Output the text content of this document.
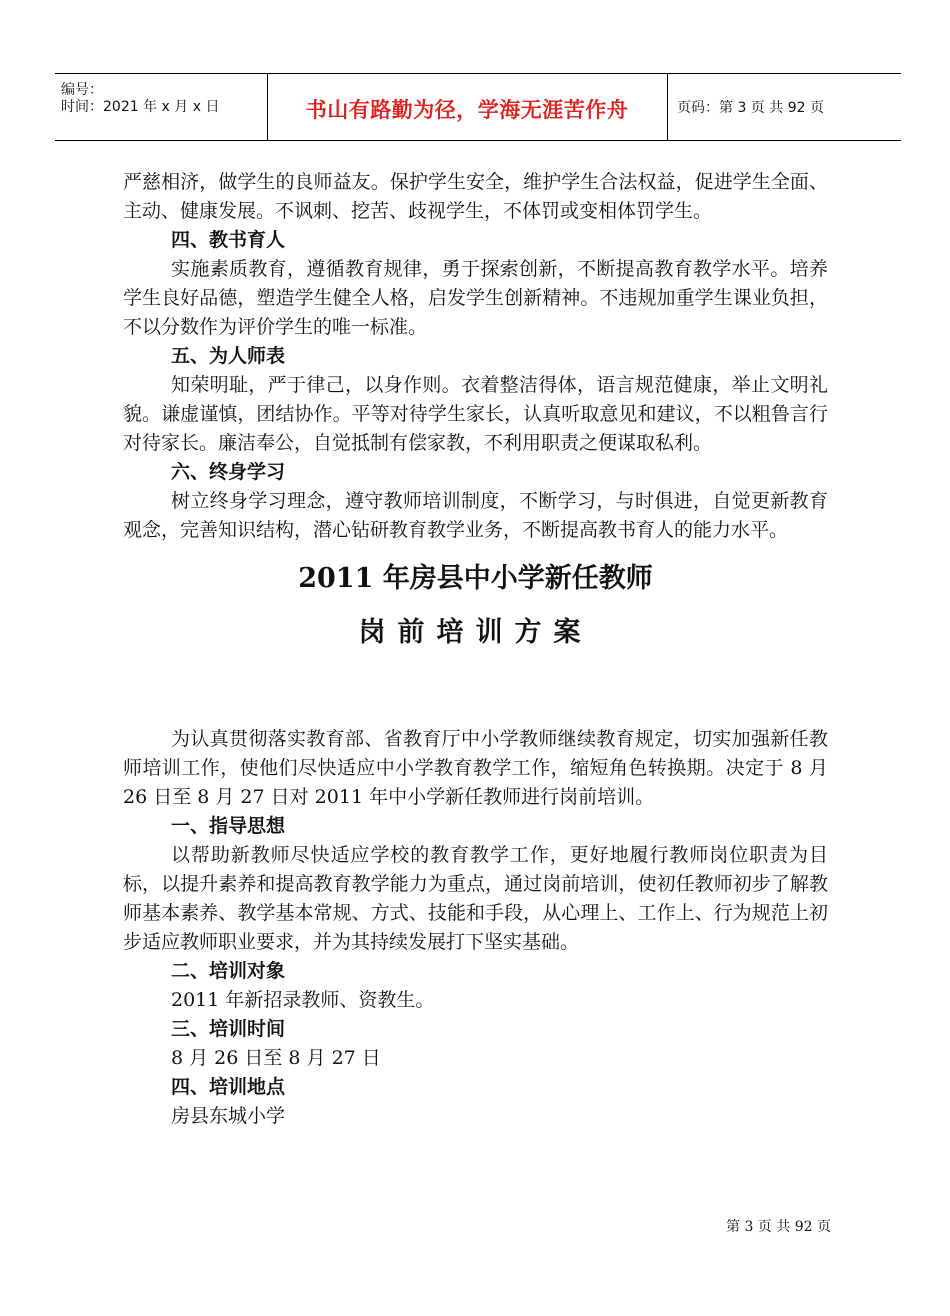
编号：
时间：2021 年 x 月 x 日	书山有路勤为径，学海无涯苦作舟	页码：第 3 页 共 92 页

严慈相济，做学生的良师益友。保护学生安全，维护学生合法权益，促进学生全面、主动、健康发展。不讽刺、挖苦、歧视学生，不体罚或变相体罚学生。

四、教书育人

实施素质教育，遵循教育规律，勇于探索创新，不断提高教育教学水平。培养学生良好品德，塑造学生健全人格，启发学生创新精神。不违规加重学生课业负担，不以分数作为评价学生的唯一标准。

五、为人师表

知荣明耻，严于律己，以身作则。衣着整洁得体，语言规范健康，举止文明礼貌。谦虚谨慎，团结协作。平等对待学生家长，认真听取意见和建议，不以粗鲁言行对待家长。廉洁奉公，自觉抵制有偿家教，不利用职责之便谋取私利。

六、终身学习

树立终身学习理念，遵守教师培训制度，不断学习，与时俱进，自觉更新教育观念，完善知识结构，潜心钻研教育教学业务，不断提高教书育人的能力水平。

2011 年房县中小学新任教师
岗前培训方案

为认真贯彻落实教育部、省教育厅中小学教师继续教育规定，切实加强新任教师培训工作，使他们尽快适应中小学教育教学工作，缩短角色转换期。决定于 8 月 26 日至 8 月 27 日对 2011 年中小学新任教师进行岗前培训。

一、指导思想

以帮助新教师尽快适应学校的教育教学工作，更好地履行教师岗位职责为目标，以提升素养和提高教育教学能力为重点，通过岗前培训，使初任教师初步了解教师基本素养、教学基本常规、方式、技能和手段，从心理上、工作上、行为规范上初步适应教师职业要求，并为其持续发展打下坚实基础。

二、培训对象

2011 年新招录教师、资教生。

三、培训时间

8 月 26 日至 8 月 27 日

四、培训地点

房县东城小学

第 3 页 共 92 页
